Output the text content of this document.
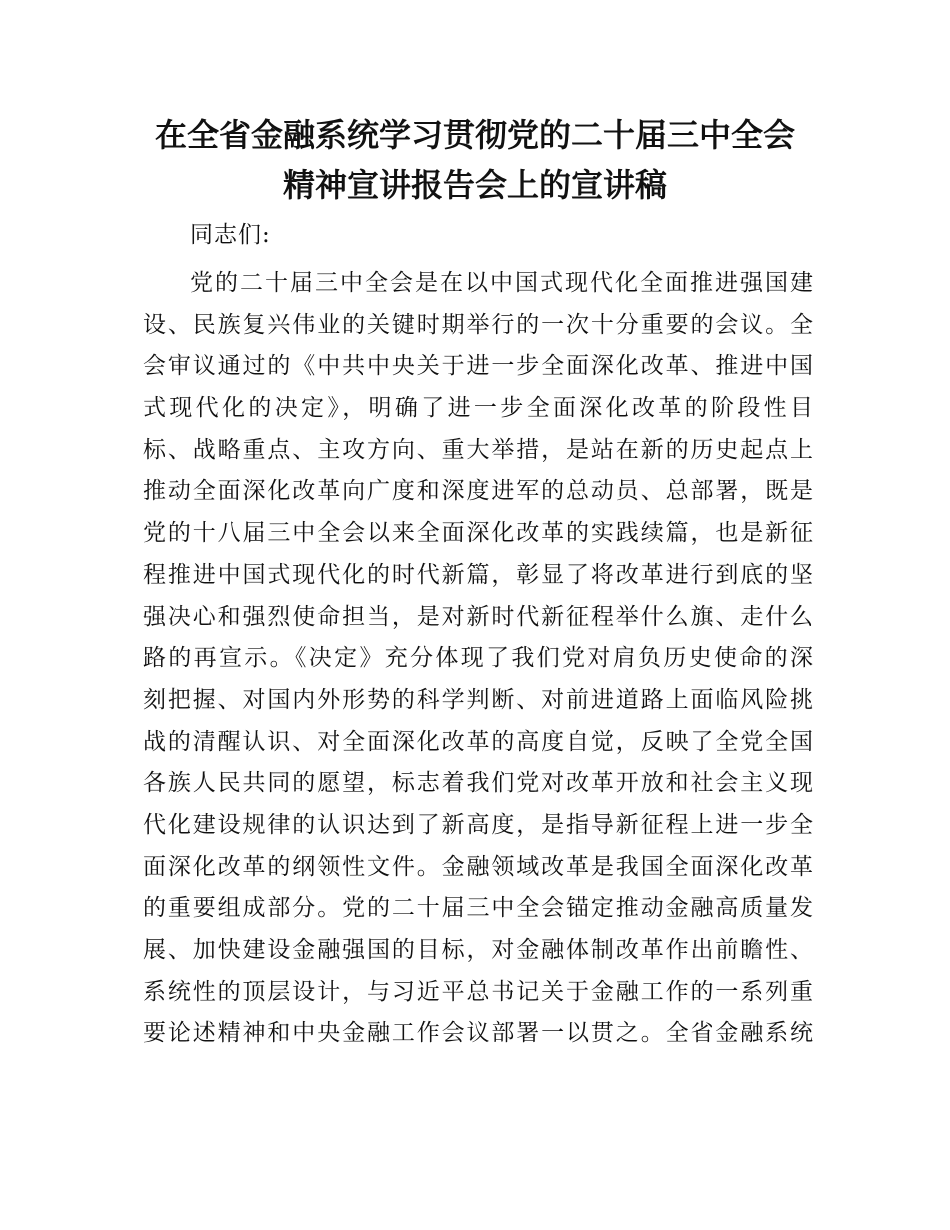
在全省金融系统学习贯彻党的二十届三中全会
精神宣讲报告会上的宣讲稿
同志们:
党的二十届三中全会是在以中国式现代化全面推进强国建
设、民族复兴伟业的关键时期举行的一次十分重要的会议。全
会审议通过的《中共中央关于进一步全面深化改革、推进中国
式现代化的决定》，明确了进一步全面深化改革的阶段性目
标、战略重点、主攻方向、重大举措，是站在新的历史起点上
推动全面深化改革向广度和深度进军的总动员、总部署，既是
党的十八届三中全会以来全面深化改革的实践续篇，也是新征
程推进中国式现代化的时代新篇，彰显了将改革进行到底的坚
强决心和强烈使命担当，是对新时代新征程举什么旗、走什么
路的再宣示。《决定》充分体现了我们党对肩负历史使命的深
刻把握、对国内外形势的科学判断、对前进道路上面临风险挑
战的清醒认识、对全面深化改革的高度自觉，反映了全党全国
各族人民共同的愿望，标志着我们党对改革开放和社会主义现
代化建设规律的认识达到了新高度，是指导新征程上进一步全
面深化改革的纲领性文件。金融领域改革是我国全面深化改革
的重要组成部分。党的二十届三中全会锚定推动金融高质量发
展、加快建设金融强国的目标，对金融体制改革作出前瞻性、
系统性的顶层设计，与习近平总书记关于金融工作的一系列重
要论述精神和中央金融工作会议部署一以贯之。全省金融系统
